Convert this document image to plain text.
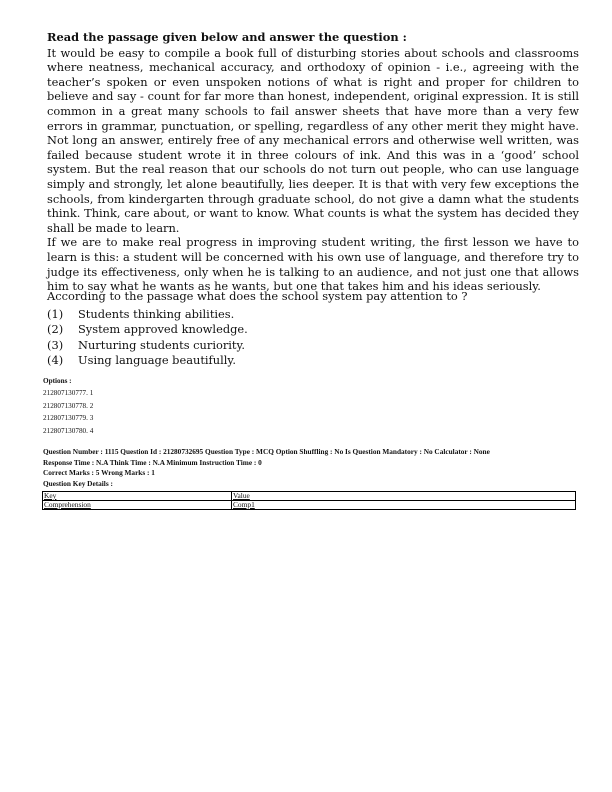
Read the passage given below and answer the question :

It would be easy to compile a book full of disturbing stories about schools and classrooms where neatness, mechanical accuracy, and orthodoxy of opinion - i.e., agreeing with the teacher’s spoken or even unspoken notions of what is right and proper for children to believe and say - count for far more than honest, independent, original expression. It is still common in a great many schools to fail answer sheets that have more than a very few errors in grammar, punctuation, or spelling, regardless of any other merit they might have. Not long an answer, entirely free of any mechanical errors and otherwise well written, was failed because student wrote it in three colours of ink. And this was in a ‘good’ school system. But the real reason that our schools do not turn out people, who can use language simply and strongly, let alone beautifully, lies deeper. It is that with very few exceptions the schools, from kindergarten through graduate school, do not give a damn what the students think. Think, care about, or want to know. What counts is what the system has decided they shall be made to learn.

If we are to make real progress in improving student writing, the first lesson we have to learn is this: a student will be concerned with his own use of language, and therefore try to judge its effectiveness, only when he is talking to an audience, and not just one that allows him to say what he wants as he wants, but one that takes him and his ideas seriously.

According to the passage what does the school system pay attention to ?

(1)	Students thinking abilities.
(2)	System approved knowledge.
(3)	Nurturing students curiority.
(4)	Using language beautifully.
Options :
212807130777. 1
212807130778. 2
212807130779. 3
212807130780. 4

Question Number : 1115 Question Id : 21280732695 Question Type : MCQ Option Shuffling : No Is Question Mandatory : No Calculator : None

Response Time : N.A Think Time : N.A Minimum Instruction Time : 0

Correct Marks : 5 Wrong Marks : 1

Question Key Details :

Key	Value
Comprehension	Comp1
